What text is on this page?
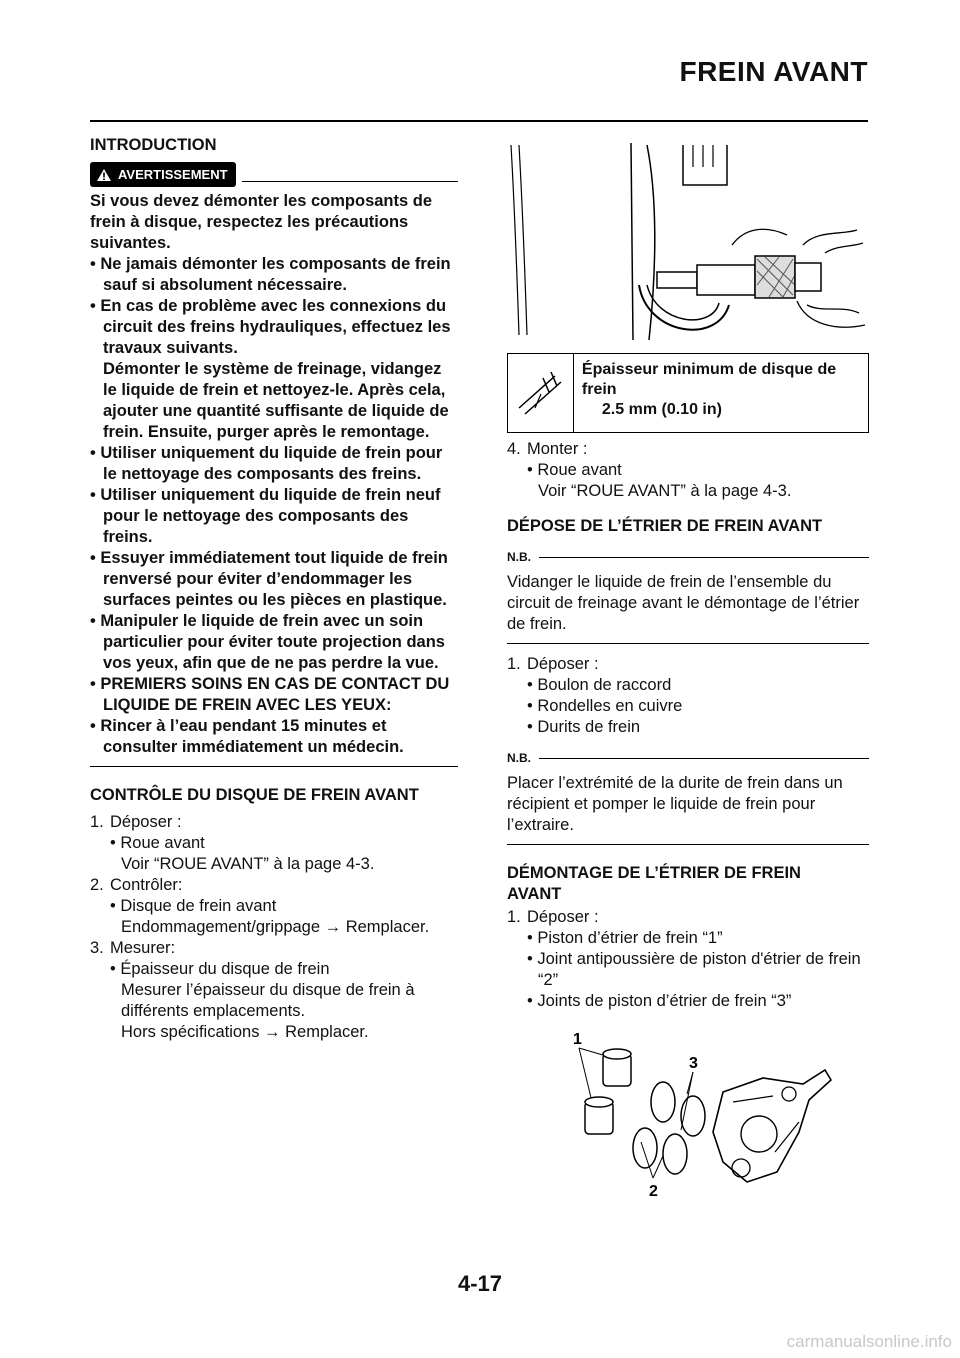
FREIN AVANT
INTRODUCTION
AVERTISSEMENT

Si vous devez démonter les composants de frein à disque, respectez les précautions suivantes.

• Ne jamais démonter les composants de frein sauf si absolument nécessaire.

• En cas de problème avec les connexions du circuit des freins hydrauliques, effectuez les travaux suivants.

Démonter le système de freinage, vidangez le liquide de frein et nettoyez-le. Après cela, ajouter une quantité suffisante de liquide de frein. Ensuite, purger après le remontage.

• Utiliser uniquement du liquide de frein pour le nettoyage des composants des freins.

• Utiliser uniquement du liquide de frein neuf pour le nettoyage des composants des freins.

• Essuyer immédiatement tout liquide de frein renversé pour éviter d’endommager les surfaces peintes ou les pièces en plastique.

• Manipuler le liquide de frein avec un soin particulier pour éviter toute projection dans vos yeux, afin que de ne pas perdre la vue.

• PREMIERS SOINS EN CAS DE CONTACT DU LIQUIDE DE FREIN AVEC LES YEUX:

• Rincer à l’eau pendant 15 minutes et consulter immédiatement un médecin.

CONTRÔLE DU DISQUE DE FREIN AVANT

1. Déposer :

• Roue avant

Voir “ROUE AVANT” à la page 4-3.

2. Contrôler:

• Disque de frein avant

Endommagement/grippage → Remplacer.

3. Mesurer:

• Épaisseur du disque de frein

Mesurer l’épaisseur du disque de frein à différents emplacements.

Hors spécifications → Remplacer.

Épaisseur minimum de disque de frein
2.5 mm (0.10 in)

4. Monter :

• Roue avant

Voir “ROUE AVANT” à la page 4-3.

DÉPOSE DE L’ÉTRIER DE FREIN AVANT
N.B.

Vidanger le liquide de frein de l’ensemble du circuit de freinage avant le démontage de l’étrier de frein.

1. Déposer :

• Boulon de raccord

• Rondelles en cuivre

• Durits de frein

N.B.

Placer l’extrémité de la durite de frein dans un récipient et pomper le liquide de frein pour l’extraire.

DÉMONTAGE DE L’ÉTRIER DE FREIN AVANT

1. Déposer :

• Piston d’étrier de frein “1”

• Joint antipoussière de piston d'étrier de frein “2”

• Joints de piston d’étrier de frein “3”

1
2
3
4-17
carmanualsonline.info
